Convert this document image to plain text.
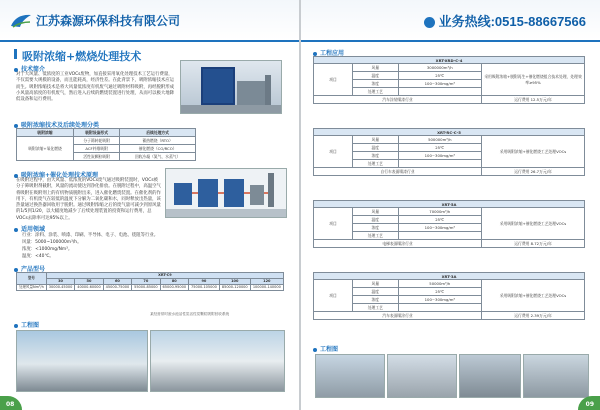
江苏森源环保科技有限公司
吸附浓缩+燃烧处理技术
技术简介
对于大风量、低浓度的工业VOCs废物，加直接采用氧化处理技术工艺运行费量，不仅需要大规模的设备，而且能耗高，经济性差。在此背景下，吸附浓缩技术应运而生。吸附浓缩技术是将大风量低浓度有机废气通过吸附材料吸附，再经脱附形成小风量高浓度的有机废气，然后进入后续的燃烧装置进行处理，从而可以极大地降低设备和运行费用。
吸附浓缩技术及后续处理分类
吸附浓缩	吸附设备形式	后续处理方式
吸附浓缩+氧化燃烧	分子筛转轮吸附	蓄热燃烧（RTO）
	ACF纤维吸附	催化燃烧（CO/RCO）
	活性炭颗粒吸附	回收冷凝（氮气、水蒸气）
吸附浓缩+催化处理技术原理
在吸附过程中，由大风量、低浓度的VOCs废气通过吸附装置时，VOCs被分子筛吸附剂截附，风量的流动使达到净化排放。在脱附过程中，高温空气将吸附在吸附剂上的有机物质脱附出来，进入催化燃烧装置。在催化剂的作用下，有机废气在较低的温度下分解为二氧化碳和水，同时释放出热量，该热量通过换热器回收用于脱附。通过吸附浓缩之后的废气量可减少到原风量的1/5到1/20，以大幅度地减少了后续处理装置的投资和运行费用，总VOCs去除率可达95%以上。
适用领域
行业：涂料、涂装、喷漆、印刷、半导体、电子、电池、绕阻等行业。
风量：5000~100000m³/h。
浓度：<1000mg/Nm³。
温度：<40℃。
产品型号
型号	XRT-C9							
	30	50	60	70	80	90	100	120
处理风量Nm³/h	30000-45000	40000-60000	45000-75000	55000-85000	65000-95000	75000-105000	85000-120000	100000-140000
某经营常时废水池活性炭活性炭颗粒吸附回收系统
工程图
08
业务热线:0515-88667566
工程应用
XRT-XRD-C-4			
项目	风量	3000000m³/h	采用吸附浓缩+脱附再生+催化燃烧组合技术处理，处理效率≥95%
	温度	25℃	
	浓度	100~300mg/m³	
	处理工艺		
汽车涂装喷漆行业			运行费用 12.5万元/年
XRT-RC-C-5			
项目	风量	500000m³/h	采用吸附浓缩+催化燃烧工艺处理VOCs
	温度	25℃	
	浓度	100~300mg/m³	
	处理工艺		
自行车表面喷漆行业			运行费用 26.7万元/年
XRT-5A			
项目	风量	70000m³/h	采用吸附浓缩+催化燃烧工艺处理VOCs
	温度	25℃	
	浓度	100~300mg/m³	
	处理工艺		
电梯表面喷涂行业			运行费用 8.72万元/年
XRT-3A			
项目	风量	50000m³/h	采用吸附浓缩+催化燃烧工艺处理VOCs
	温度	25℃	
	浓度	100~300mg/m³	
	处理工艺		
汽车表面喷涂行业			运行费用 2.39万元/年
工程图
09
